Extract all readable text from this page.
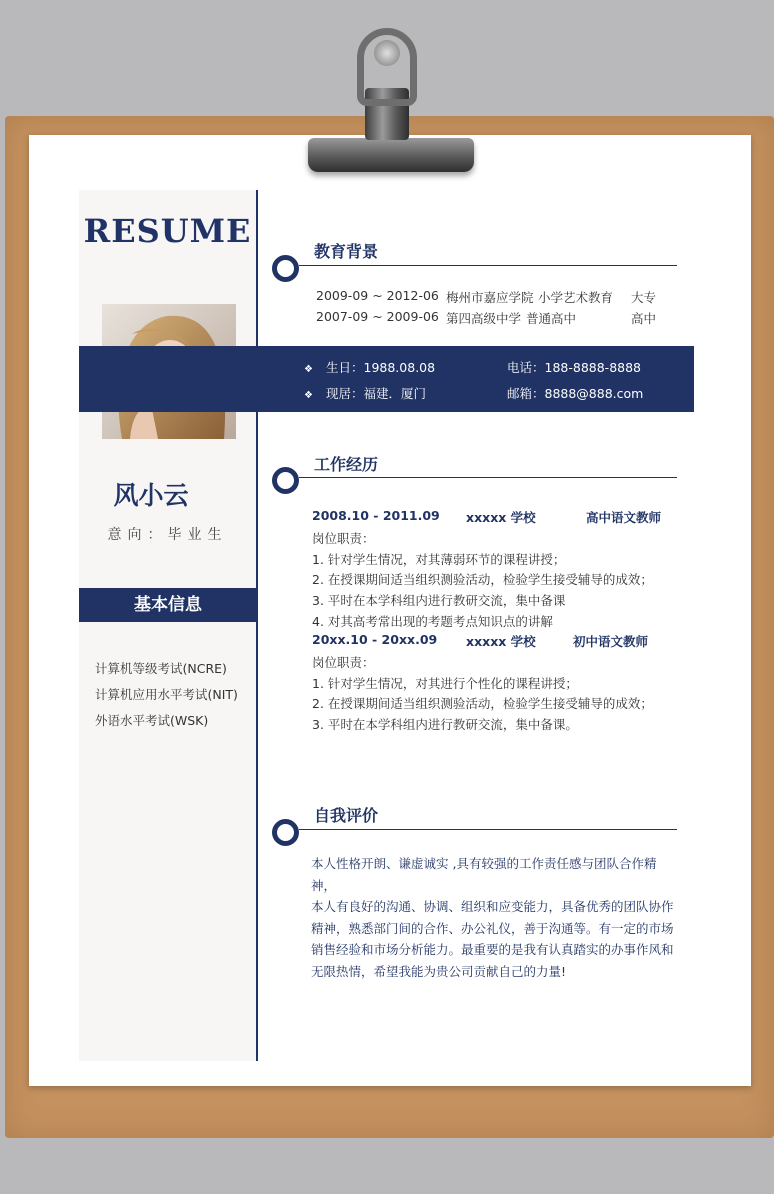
RESUME
风小云
意向：毕业生
基本信息
计算机等级考试(NCRE)
计算机应用水平考试(NIT)
外语水平考试(WSK)
教育背景
2009-09 ~ 2012-06 梅州市嘉应学院 小学艺术教育 大专
2007-09 ~ 2009-06 第四高级中学 普通高中	高中
❖ 生日：1988.08.08	电话：188-8888-8888
❖ 现居：福建．厦门	邮箱：8888@888.com
工作经历
2008.10 - 2011.09 xxxxx 学校	高中语文教师
岗位职责：
1. 针对学生情况，对其薄弱环节的课程讲授；
2. 在授课期间适当组织测验活动，检验学生接受辅导的成效；
3. 平时在本学科组内进行教研交流，集中备课
4. 对其高考常出现的考题考点知识点的讲解
20xx.10 - 20xx.09 xxxxx 学校	初中语文教师
岗位职责：
1. 针对学生情况，对其进行个性化的课程讲授；
2. 在授课期间适当组织测验活动，检验学生接受辅导的成效；
3. 平时在本学科组内进行教研交流，集中备课。
自我评价
本人性格开朗、谦虚诚实 ,具有较强的工作责任感与团队合作精神，
本人有良好的沟通、协调、组织和应变能力，具备优秀的团队协作
精神，熟悉部门间的合作、办公礼仪，善于沟通等。有一定的市场
销售经验和市场分析能力。最重要的是我有认真踏实的办事作风和
无限热情，希望我能为贵公司贡献自己的力量!
